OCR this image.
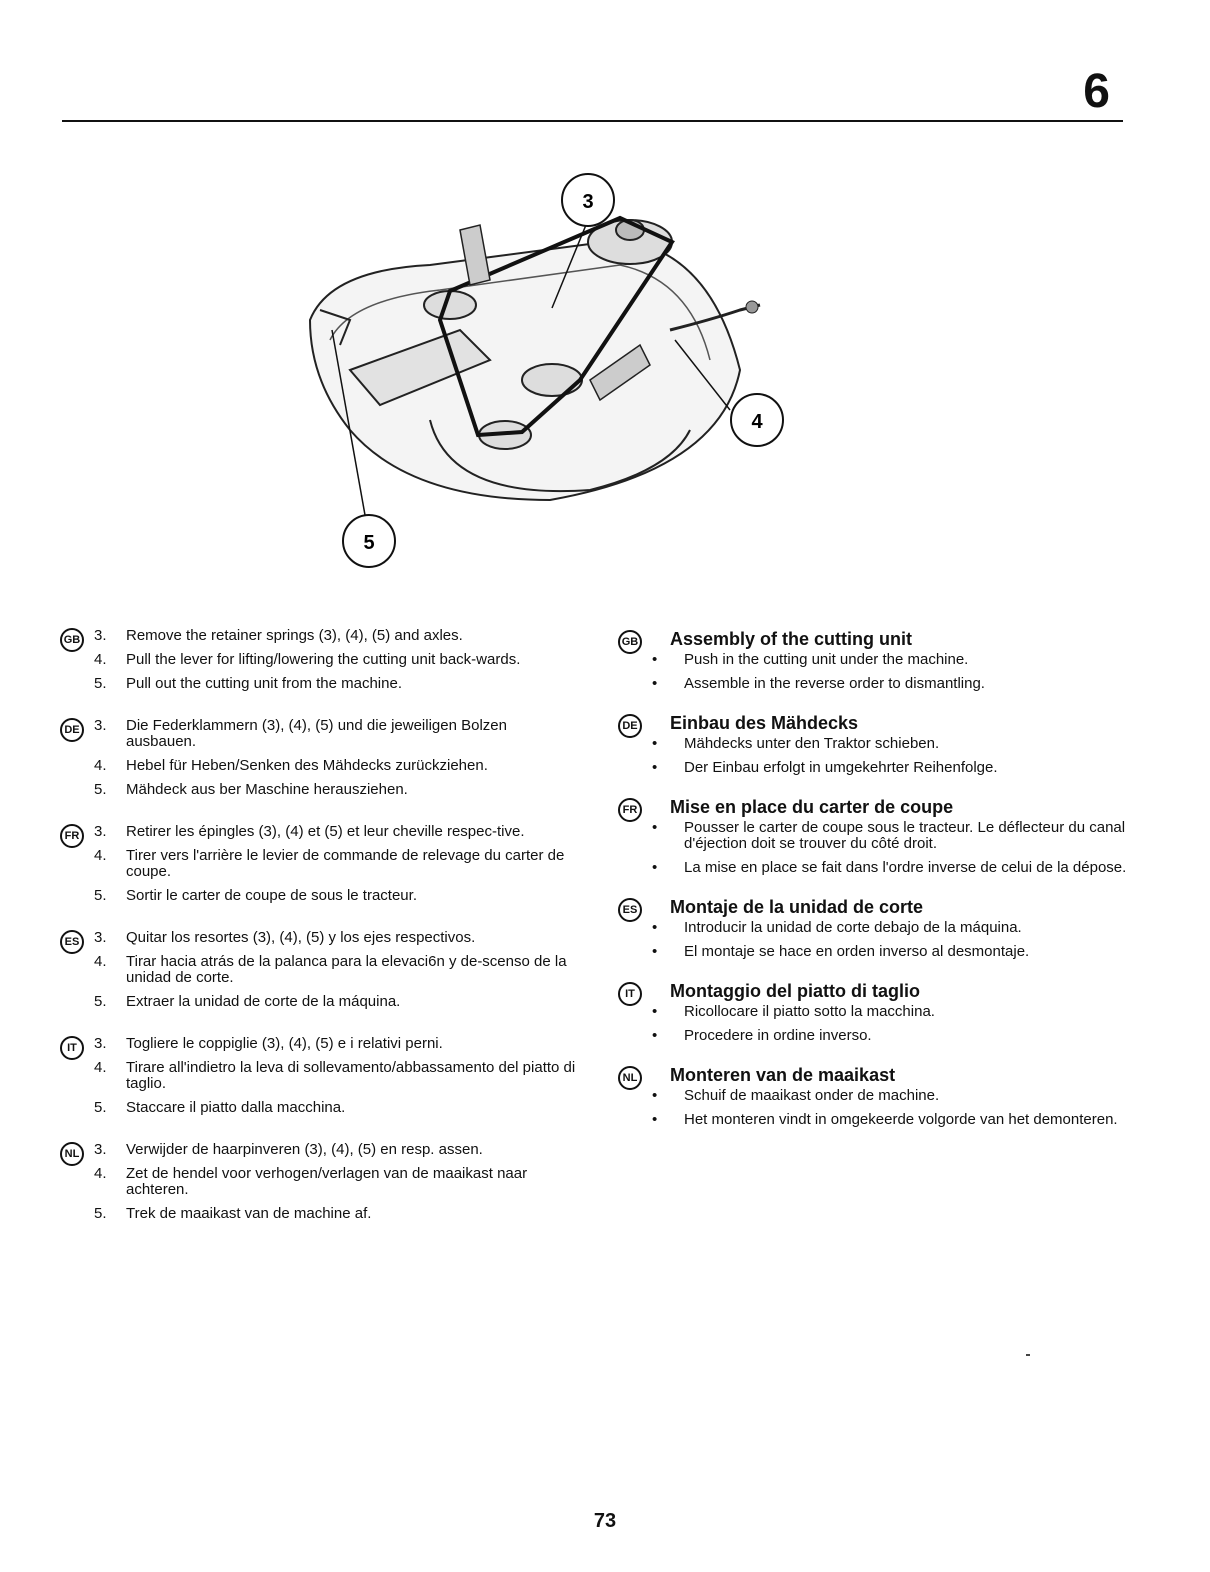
6
3
4
5
GB 3.	Remove the retainer springs (3), (4), (5) and axles.
4.	Pull the lever for lifting/lowering the cutting unit back-wards.
5.	Pull out the cutting unit from the machine.
DE 3.	Die Federklammern (3), (4), (5) und die jeweiligen Bolzen ausbauen.
4.	Hebel für Heben/Senken des Mähdecks zurückziehen.
5.	Mähdeck aus ber Maschine herausziehen.
FR 3.	Retirer les épingles (3), (4) et (5) et leur cheville respec-tive.
4.	Tirer vers l'arrière le levier de commande de relevage du carter de coupe.
5.	Sortir le carter de coupe de sous le tracteur.
ES 3.	Quitar los resortes (3), (4), (5) y los ejes respectivos.
4.	Tirar hacia atrás de la palanca para la elevaci6n y de-scenso de la unidad de corte.
5.	Extraer la unidad de corte de la máquina.
IT	3.	Togliere le coppiglie (3), (4), (5) e i relativi perni.
4.	Tirare all'indietro la leva di sollevamento/abbassamento del piatto di taglio.
5.	Staccare il piatto dalla macchina.
NL 3.	Verwijder de haarpinveren (3), (4), (5) en resp. assen.
4.	Zet de hendel voor verhogen/verlagen van de maaikast naar achteren.
5.	Trek de maaikast van de machine af.
GB Assembly of the cutting unit
• Push in the cutting unit under the machine.
• Assemble in the reverse order to dismantling.
DE Einbau des Mähdecks
• Mähdecks unter den Traktor schieben.
• Der Einbau erfolgt in umgekehrter Reihenfolge.
FR Mise en place du carter de coupe
• Pousser le carter de coupe sous le tracteur. Le déflecteur du canal d'éjection doit se trouver du côté droit.
• La mise en place se fait dans l'ordre inverse de celui de la dépose.
ES Montaje de la unidad de corte
• Introducir la unidad de corte debajo de la máquina.
• El montaje se hace en orden inverso al desmontaje.
IT	Montaggio del piatto di taglio
• Ricollocare il piatto sotto la macchina.
• Procedere in ordine inverso.
NL Monteren van de maaikast
• Schuif de maaikast onder de machine.
• Het monteren vindt in omgekeerde volgorde van het demonteren.
73
